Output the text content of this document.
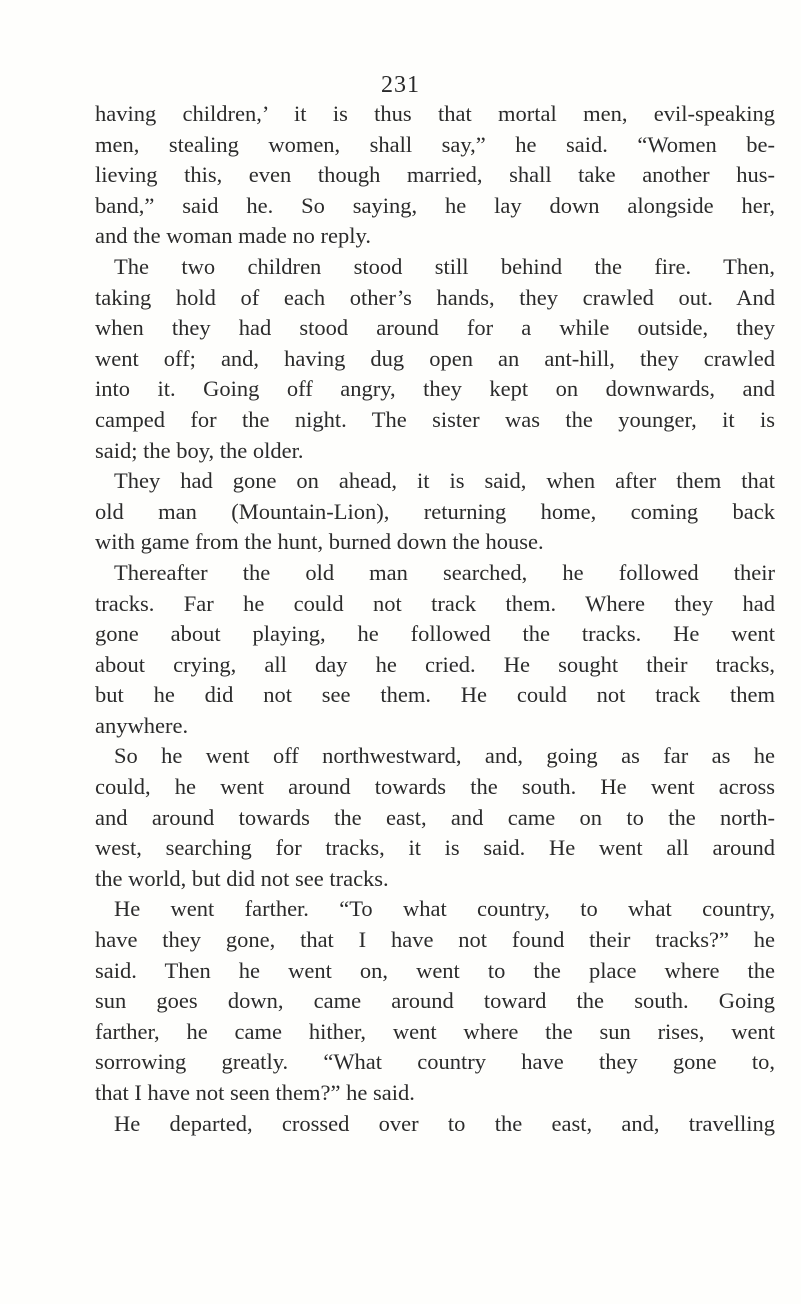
231
having children,’ it is thus that mortal men, evil-speaking
men, stealing women, shall say,” he said. “Women be-
lieving this, even though married, shall take another hus-
band,” said he. So saying, he lay down alongside her,
and the woman made no reply.
The two children stood still behind the fire. Then,
taking hold of each other’s hands, they crawled out. And
when they had stood around for a while outside, they
went off; and, having dug open an ant-hill, they crawled
into it. Going off angry, they kept on downwards, and
camped for the night. The sister was the younger, it is
said; the boy, the older.
They had gone on ahead, it is said, when after them that
old man (Mountain-Lion), returning home, coming back
with game from the hunt, burned down the house.
Thereafter the old man searched, he followed their
tracks. Far he could not track them. Where they had
gone about playing, he followed the tracks. He went
about crying, all day he cried. He sought their tracks,
but he did not see them. He could not track them
anywhere.
So he went off northwestward, and, going as far as he
could, he went around towards the south. He went across
and around towards the east, and came on to the north-
west, searching for tracks, it is said. He went all around
the world, but did not see tracks.
He went farther. “To what country, to what country,
have they gone, that I have not found their tracks?” he
said. Then he went on, went to the place where the
sun goes down, came around toward the south. Going
farther, he came hither, went where the sun rises, went
sorrowing greatly. “What country have they gone to,
that I have not seen them?” he said.
He departed, crossed over to the east, and, travelling
